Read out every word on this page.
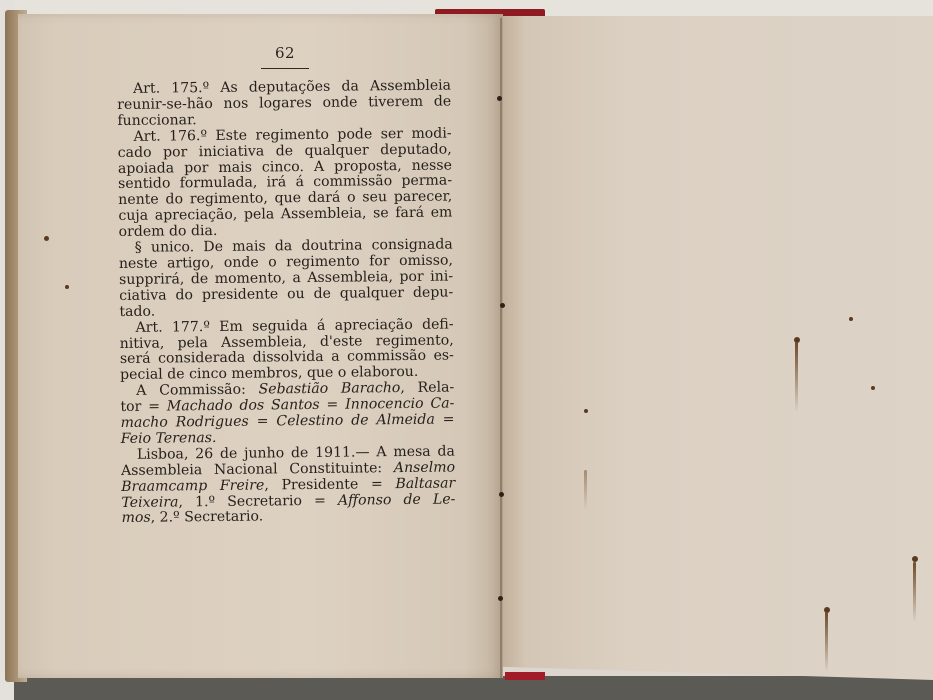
62
Art. 175.º As deputações da Assembleia
reunir-se-hão nos logares onde tiverem de
funccionar.
Art. 176.º Este regimento pode ser modi-
cado por iniciativa de qualquer deputado,
apoiada por mais cinco. A proposta, nesse
sentido formulada, irá á commissão perma-
nente do regimento, que dará o seu parecer,
cuja apreciação, pela Assembleia, se fará em
ordem do dia.
§ unico. De mais da doutrina consignada
neste artigo, onde o regimento for omisso,
supprirá, de momento, a Assembleia, por ini-
ciativa do presidente ou de qualquer depu-
tado.
Art. 177.º Em seguida á apreciação defi-
nitiva, pela Assembleia, d'este regimento,
será considerada dissolvida a commissão es-
pecial de cinco membros, que o elaborou.
A Commissão: Sebastião Baracho, Rela-
tor = Machado dos Santos = Innocencio Ca-
macho Rodrigues = Celestino de Almeida =
Feio Terenas.
Lisboa, 26 de junho de 1911.— A mesa da
Assembleia Nacional Constituinte: Anselmo
Braamcamp Freire, Presidente = Baltasar
Teixeira, 1.º Secretario = Affonso de Le-
mos, 2.º Secretario.
